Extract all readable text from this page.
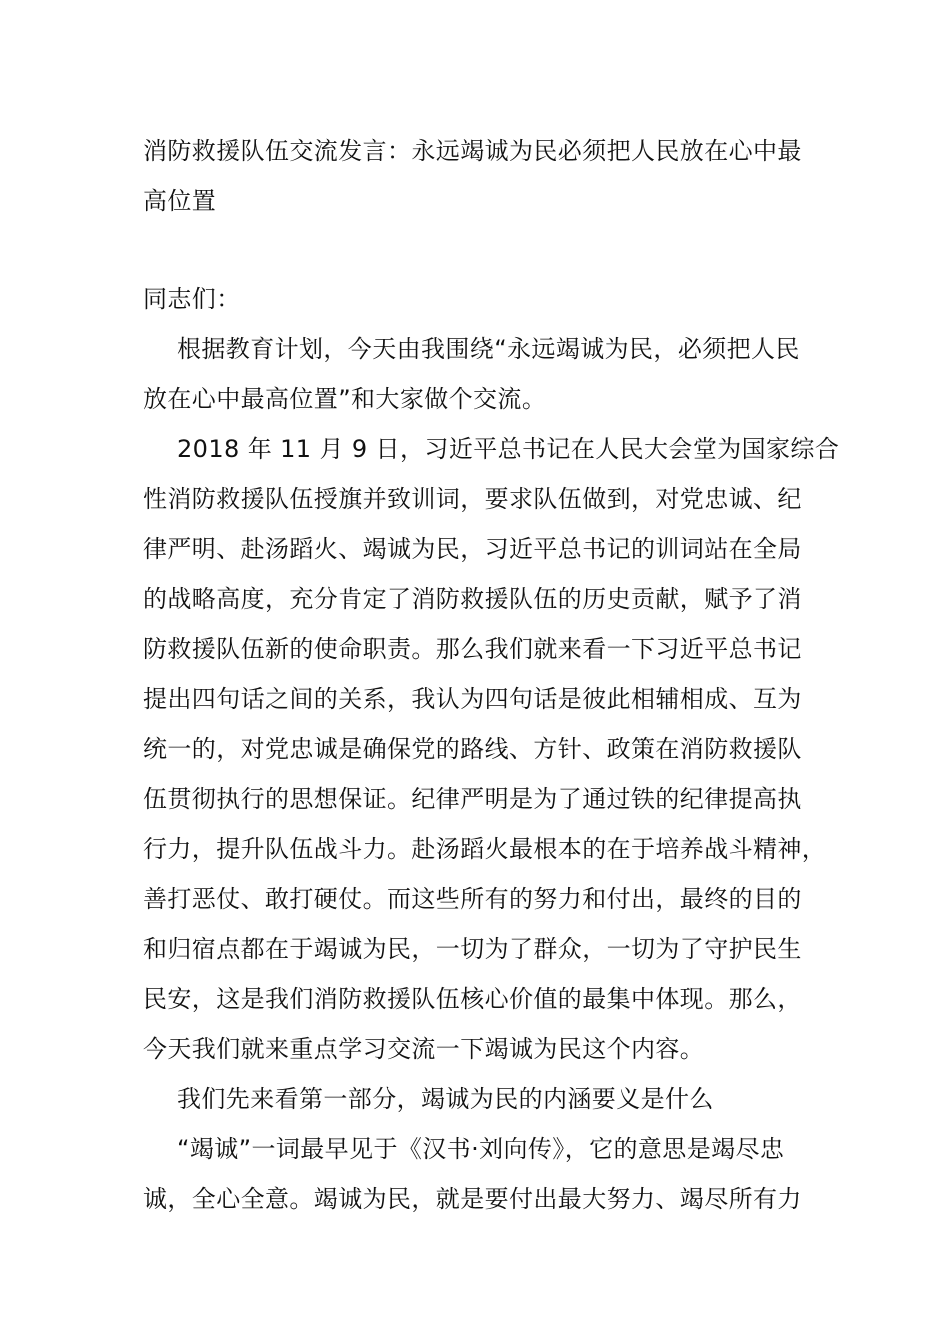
消防救援队伍交流发言：永远竭诚为民必须把人民放在心中最
高位置
同志们：
根据教育计划，今天由我围绕“永远竭诚为民，必须把人民
放在心中最高位置”和大家做个交流。
2018 年 11 月 9 日，习近平总书记在人民大会堂为国家综合
性消防救援队伍授旗并致训词，要求队伍做到，对党忠诚、纪
律严明、赴汤蹈火、竭诚为民，习近平总书记的训词站在全局
的战略高度，充分肯定了消防救援队伍的历史贡献，赋予了消
防救援队伍新的使命职责。那么我们就来看一下习近平总书记
提出四句话之间的关系，我认为四句话是彼此相辅相成、互为
统一的，对党忠诚是确保党的路线、方针、政策在消防救援队
伍贯彻执行的思想保证。纪律严明是为了通过铁的纪律提高执
行力，提升队伍战斗力。赴汤蹈火最根本的在于培养战斗精神，
善打恶仗、敢打硬仗。而这些所有的努力和付出，最终的目的
和归宿点都在于竭诚为民，一切为了群众，一切为了守护民生
民安，这是我们消防救援队伍核心价值的最集中体现。那么，
今天我们就来重点学习交流一下竭诚为民这个内容。
我们先来看第一部分，竭诚为民的内涵要义是什么
“竭诚”一词最早见于《汉书·刘向传》，它的意思是竭尽忠
诚，全心全意。竭诚为民，就是要付出最大努力、竭尽所有力
